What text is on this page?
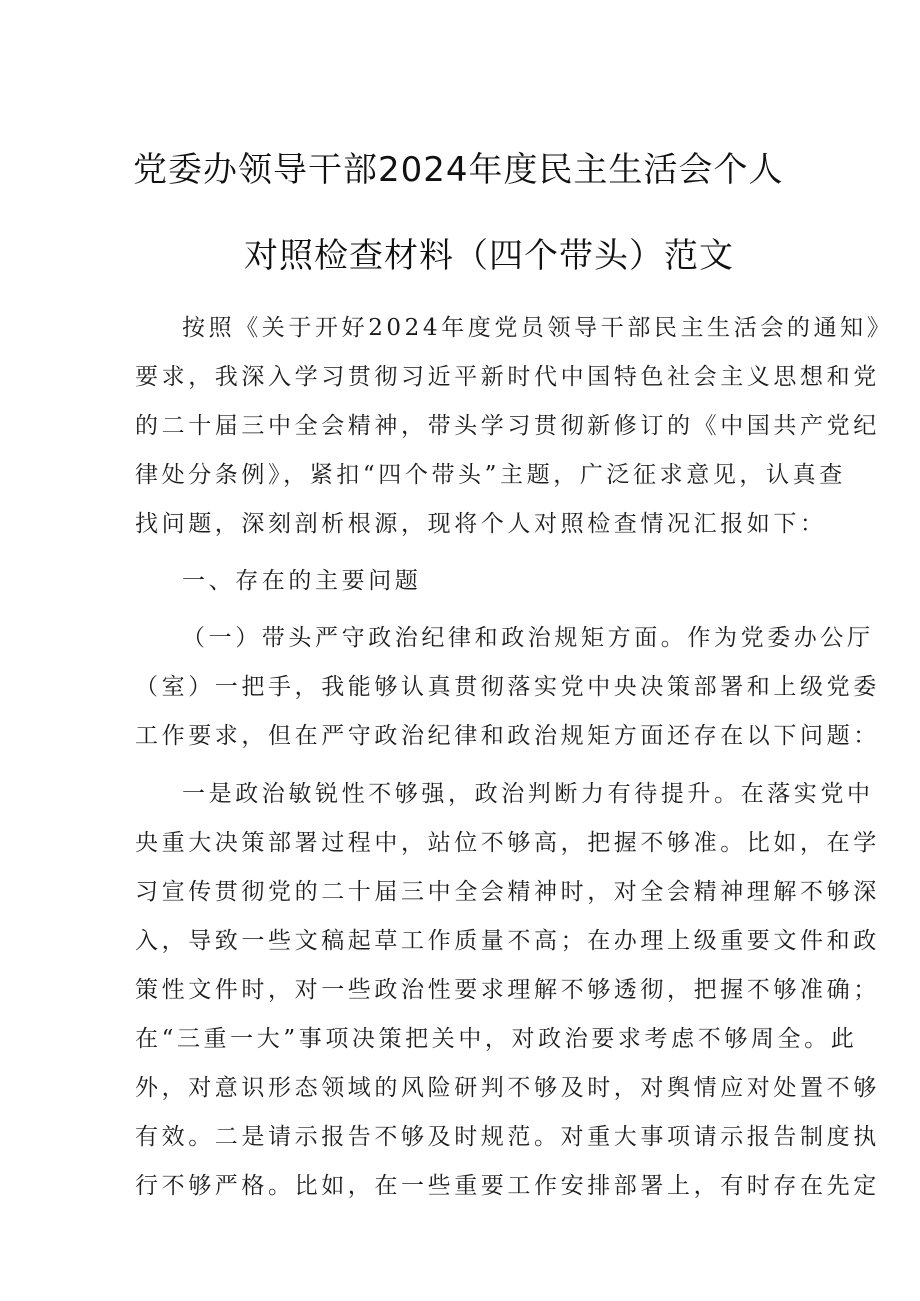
党委办领导干部2024年度民主生活会个人
对照检查材料（四个带头）范文
按照《关于开好2024年度党员领导干部民主生活会的通知》
要求，我深入学习贯彻习近平新时代中国特色社会主义思想和党
的二十届三中全会精神，带头学习贯彻新修订的《中国共产党纪
律处分条例》，紧扣“四个带头”主题，广泛征求意见，认真查
找问题，深刻剖析根源，现将个人对照检查情况汇报如下：
一、存在的主要问题
（一）带头严守政治纪律和政治规矩方面。作为党委办公厅
（室）一把手，我能够认真贯彻落实党中央决策部署和上级党委
工作要求，但在严守政治纪律和政治规矩方面还存在以下问题：
一是政治敏锐性不够强，政治判断力有待提升。在落实党中
央重大决策部署过程中，站位不够高，把握不够准。比如，在学
习宣传贯彻党的二十届三中全会精神时，对全会精神理解不够深
入，导致一些文稿起草工作质量不高；在办理上级重要文件和政
策性文件时，对一些政治性要求理解不够透彻，把握不够准确；
在“三重一大”事项决策把关中，对政治要求考虑不够周全。此
外，对意识形态领域的风险研判不够及时，对舆情应对处置不够
有效。二是请示报告不够及时规范。对重大事项请示报告制度执
行不够严格。比如，在一些重要工作安排部署上，有时存在先定
